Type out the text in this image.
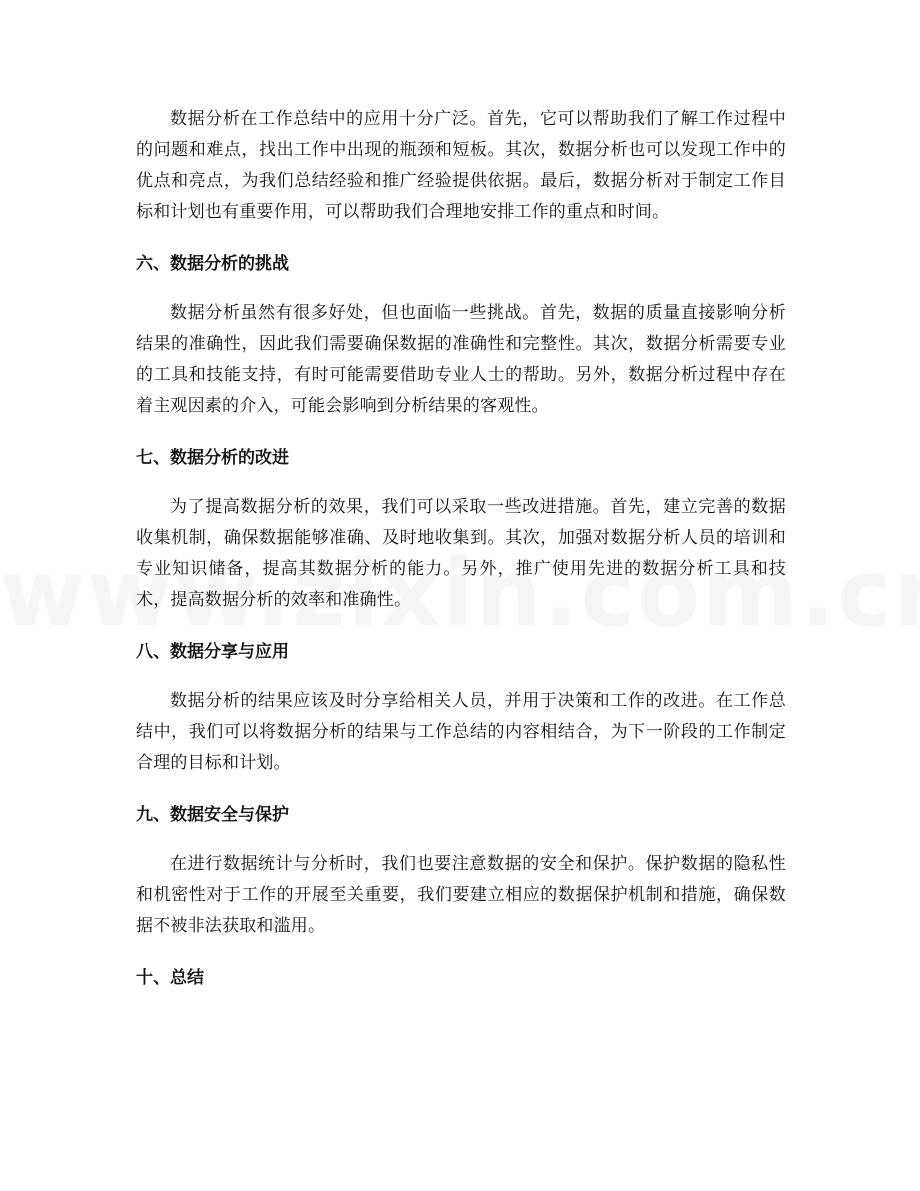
数据分析在工作总结中的应用十分广泛。首先，它可以帮助我们了解工作过程中的问题和难点，找出工作中出现的瓶颈和短板。其次，数据分析也可以发现工作中的优点和亮点，为我们总结经验和推广经验提供依据。最后，数据分析对于制定工作目标和计划也有重要作用，可以帮助我们合理地安排工作的重点和时间。

六、数据分析的挑战

数据分析虽然有很多好处，但也面临一些挑战。首先，数据的质量直接影响分析结果的准确性，因此我们需要确保数据的准确性和完整性。其次，数据分析需要专业的工具和技能支持，有时可能需要借助专业人士的帮助。另外，数据分析过程中存在着主观因素的介入，可能会影响到分析结果的客观性。

七、数据分析的改进

为了提高数据分析的效果，我们可以采取一些改进措施。首先，建立完善的数据收集机制，确保数据能够准确、及时地收集到。其次，加强对数据分析人员的培训和专业知识储备，提高其数据分析的能力。另外，推广使用先进的数据分析工具和技术，提高数据分析的效率和准确性。

八、数据分享与应用

数据分析的结果应该及时分享给相关人员，并用于决策和工作的改进。在工作总结中，我们可以将数据分析的结果与工作总结的内容相结合，为下一阶段的工作制定合理的目标和计划。

九、数据安全与保护

在进行数据统计与分析时，我们也要注意数据的安全和保护。保护数据的隐私性和机密性对于工作的开展至关重要，我们要建立相应的数据保护机制和措施，确保数据不被非法获取和滥用。

十、总结
